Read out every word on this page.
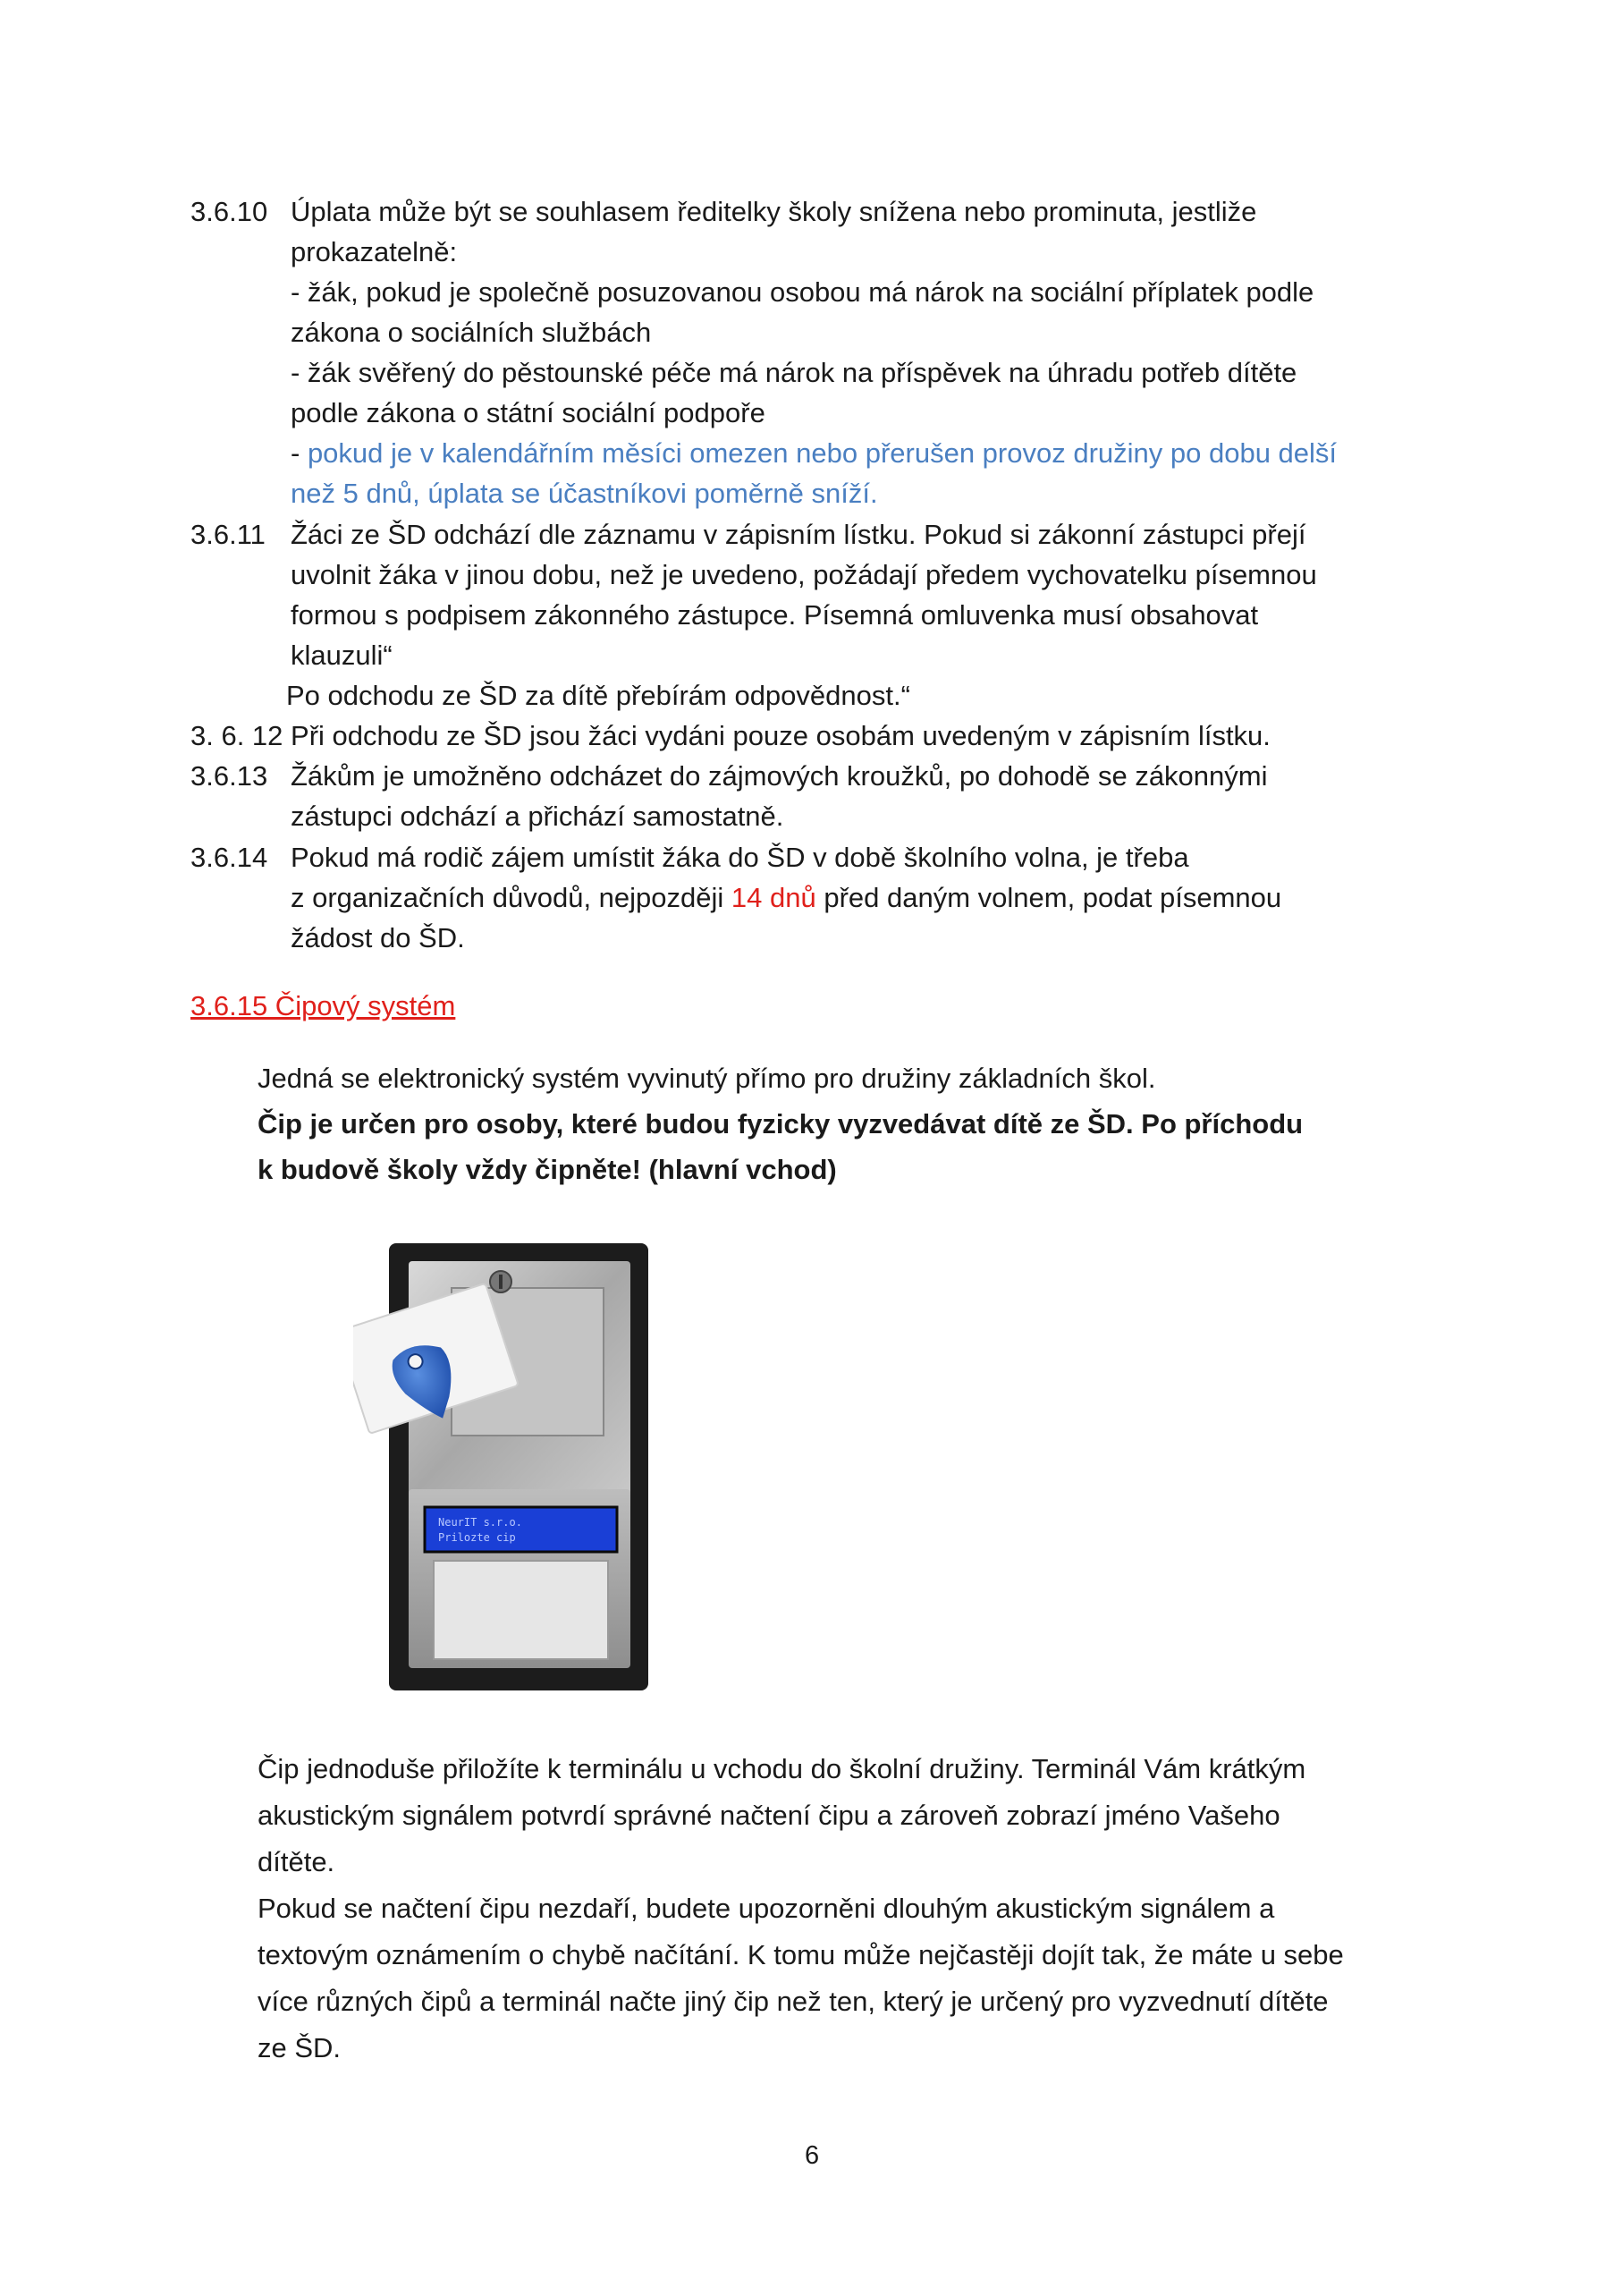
3.6.10 Úplata může být se souhlasem ředitelky školy snížena nebo prominuta, jestliže
prokazatelně:
- žák, pokud je společně posuzovanou osobou má nárok na sociální příplatek podle
zákona o sociálních službách
- žák svěřený do pěstounské péče má nárok na příspěvek na úhradu potřeb dítěte
podle zákona o státní sociální podpoře
- pokud je v kalendářním měsíci omezen nebo přerušen provoz družiny po dobu delší
než 5 dnů, úplata se účastníkovi poměrně sníží.
3.6.11 Žáci ze ŠD odchází dle záznamu v zápisním lístku. Pokud si zákonní zástupci přejí
uvolnit žáka v jinou dobu, než je uvedeno, požádají předem vychovatelku písemnou
formou s podpisem zákonného zástupce. Písemná omluvenka musí obsahovat
klauzuli“
Po odchodu ze ŠD za dítě přebírám odpovědnost.“
3. 6. 12 Při odchodu ze ŠD jsou žáci vydáni pouze osobám uvedeným v zápisním lístku.
3.6.13 Žákům je umožněno odcházet do zájmových kroužků, po dohodě se zákonnými
zástupci odchází a přichází samostatně.
3.6.14 Pokud má rodič zájem umístit žáka do ŠD v době školního volna, je třeba
z organizačních důvodů, nejpozději 14 dnů před daným volnem, podat písemnou
žádost do ŠD.
3.6.15 Čipový systém
Jedná se elektronický systém vyvinutý přímo pro družiny základních škol.
Čip je určen pro osoby, které budou fyzicky vyzvedávat dítě ze ŠD. Po příchodu
k budově školy vždy čipněte! (hlavní vchod)
NeurIT s.r.o.
Prilozte cip
Čip jednoduše přiložíte k terminálu u vchodu do školní družiny. Terminál Vám krátkým
akustickým signálem potvrdí správné načtení čipu a zároveň zobrazí jméno Vašeho
dítěte.
Pokud se načtení čipu nezdaří, budete upozorněni dlouhým akustickým signálem a
textovým oznámením o chybě načítání. K tomu může nejčastěji dojít tak, že máte u sebe
více různých čipů a terminál načte jiný čip než ten, který je určený pro vyzvednutí dítěte
ze ŠD.
6
